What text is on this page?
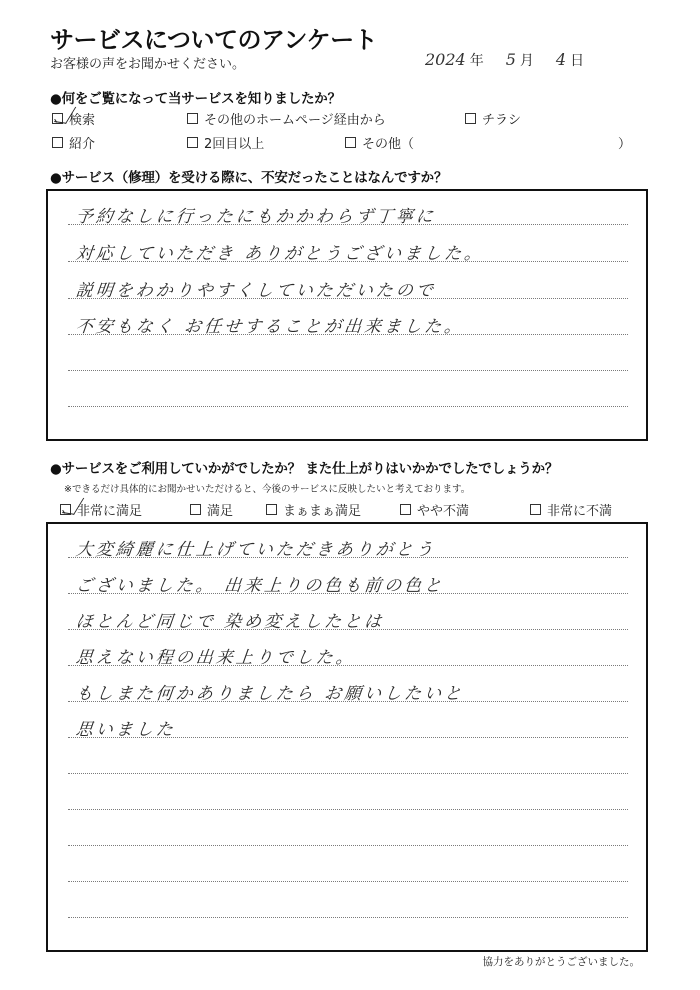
サービスについてのアンケート
お客様の声をお聞かせください。	2024 年 5 月 4 日
●何をご覧になって当サービスを知りましたか？
検索	その他のホームページ経由から	チラシ
紹介	2回目以上	その他（	）
●サービス（修理）を受ける際に、不安だったことはなんですか？
予約なしに行ったにもかかわらず丁寧に
対応していただき ありがとうございました。
説明をわかりやすくしていただいたので
不安もなく お任せすることが出来ました。
●サービスをご利用していかがでしたか？ また仕上がりはいかかでしたでしょうか？
※できるだけ具体的にお聞かせいただけると、今後のサービスに反映したいと考えております。
非常に満足	満足	まぁまぁ満足	やや不満	非常に不満
大変綺麗に仕上げていただきありがとう
ございました。 出来上りの色も前の色と
ほとんど同じで 染め変えしたとは
思えない程の出来上りでした。
もしまた何かありましたら お願いしたいと
思いました
協力をありがとうございました。
